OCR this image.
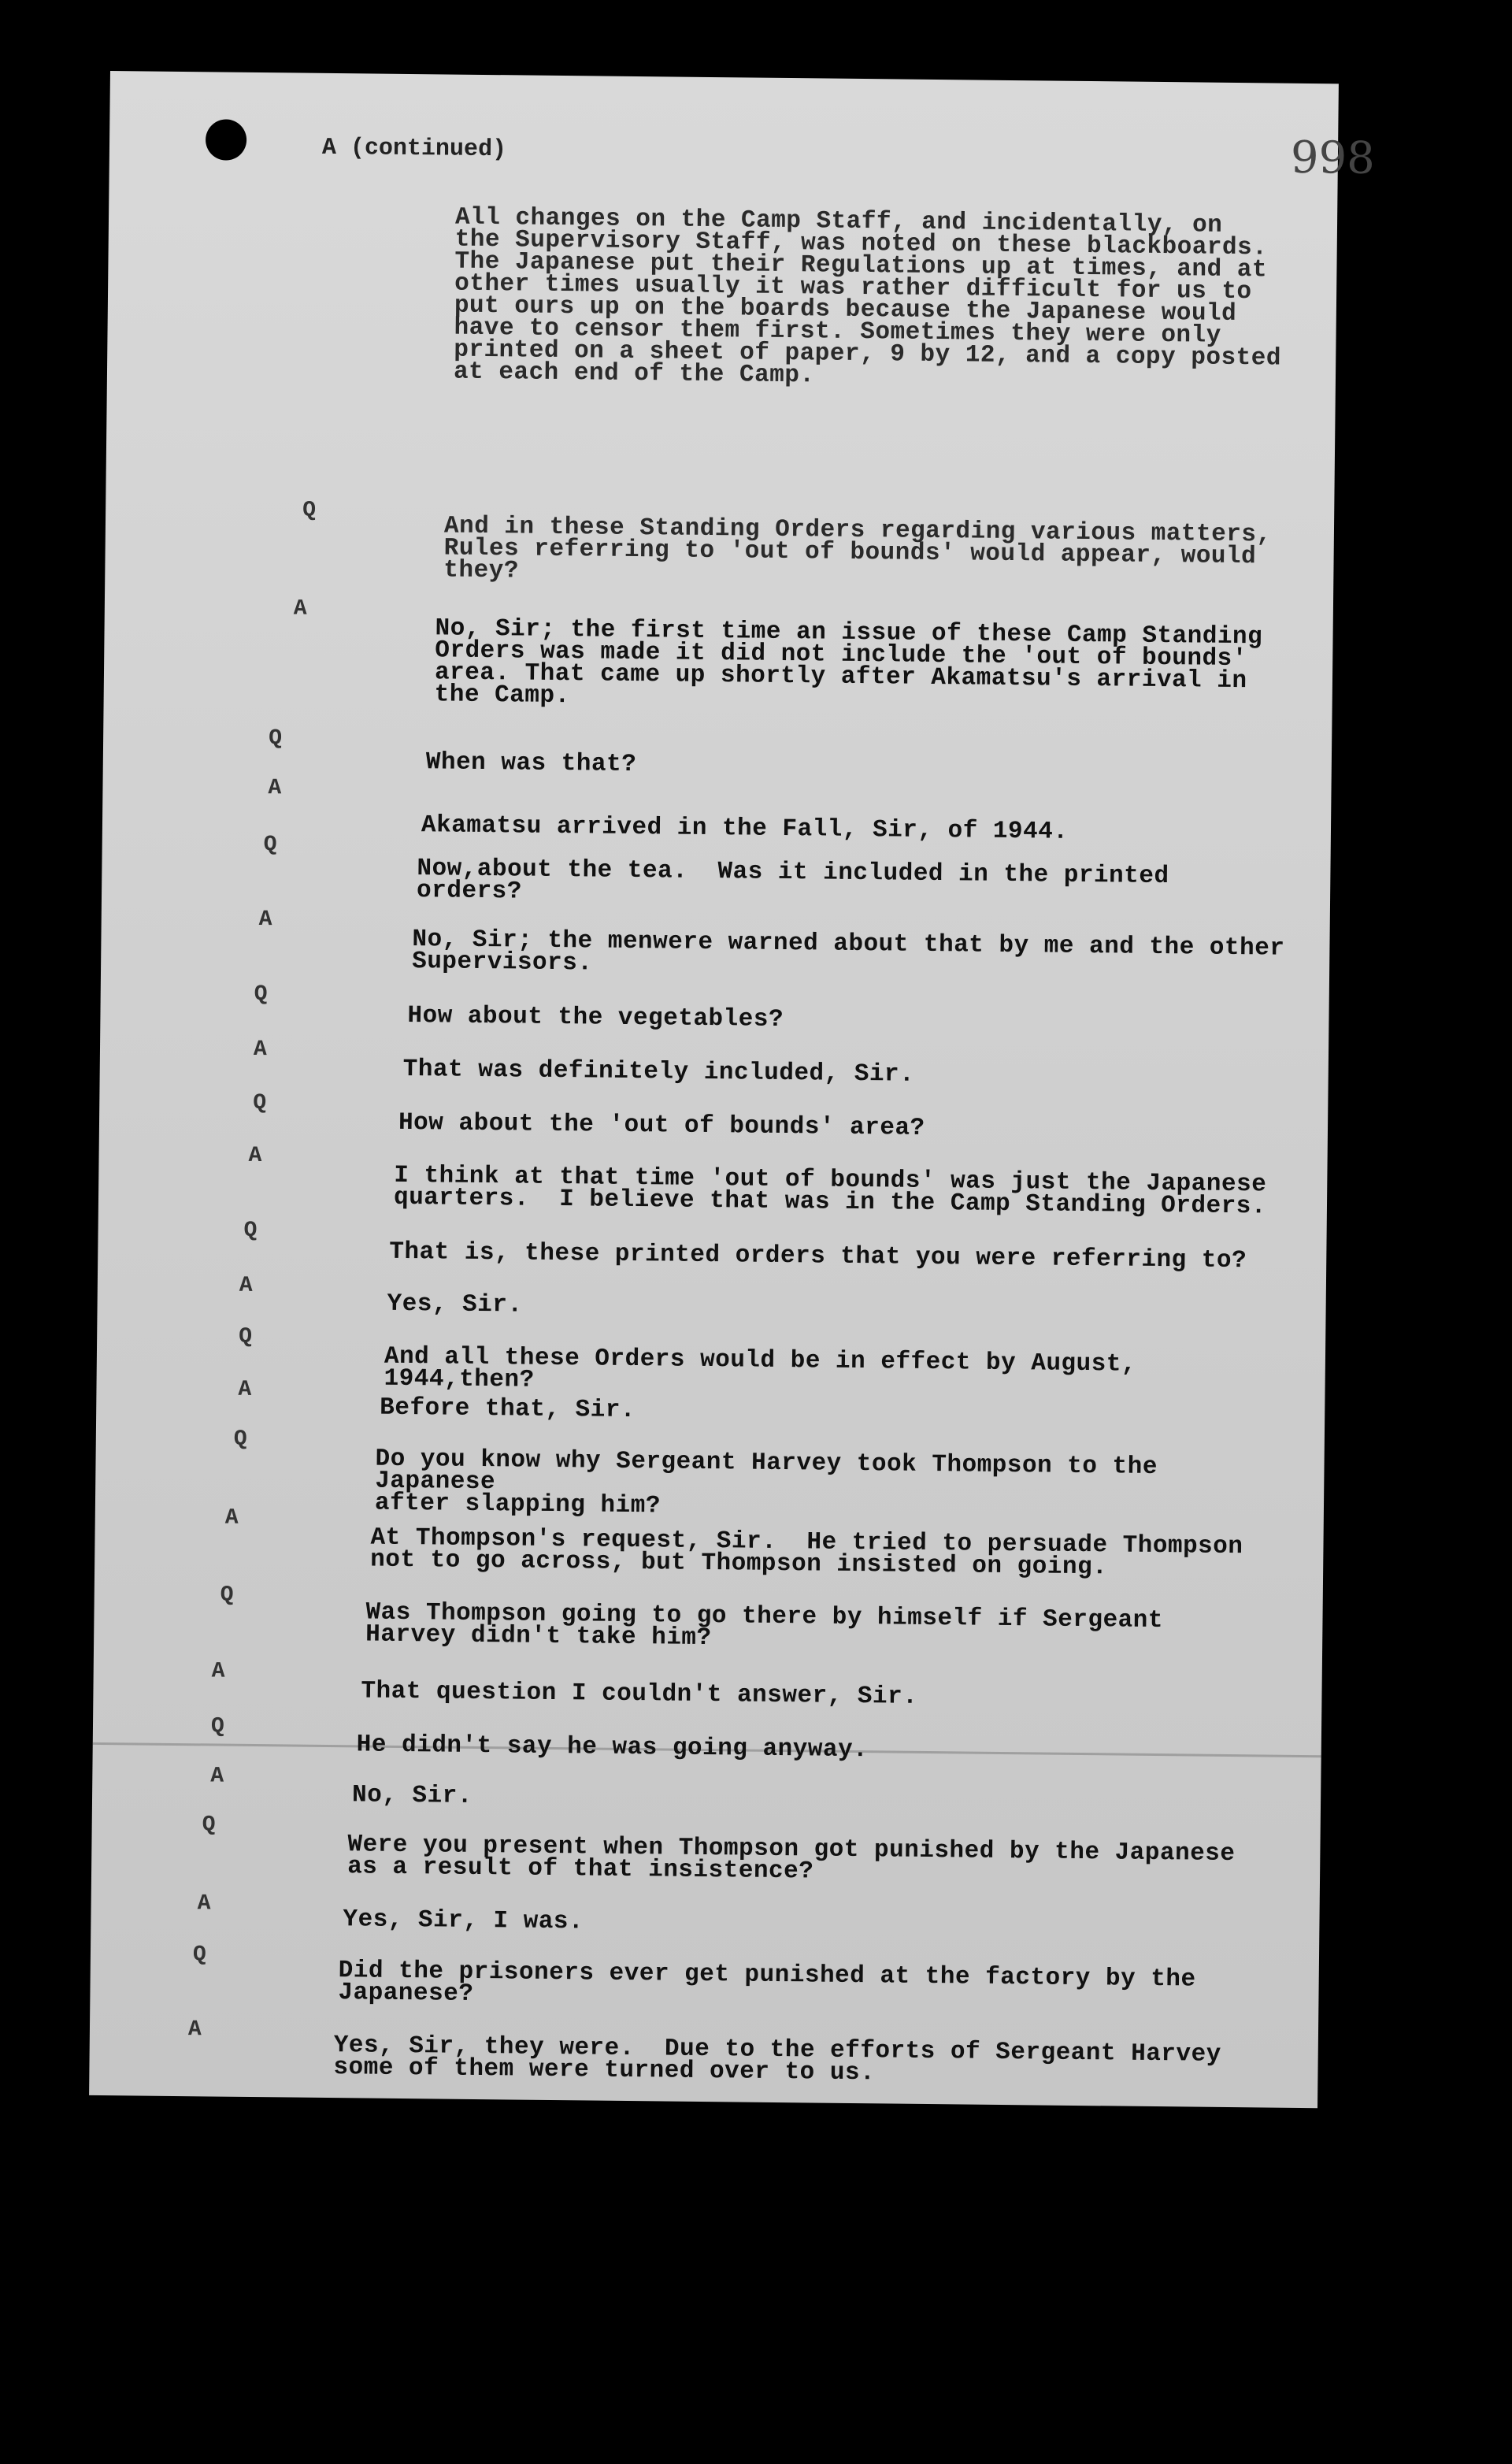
A (continued)	998
Q
A
Q
A
Q
A
Q
A
Q
A
Q
A
Q
A
Q
A
Q
A
Q
A
Q
A
Q
A
All changes on the Camp Staff, and incidentally, on
the Supervisory Staff, was noted on these blackboards.
The Japanese put their Regulations up at times, and at
other times usually it was rather difficult for us to
put ours up on the boards because the Japanese would
have to censor them first. Sometimes they were only
printed on a sheet of paper, 9 by 12, and a copy posted
at each end of the Camp.
And in these Standing Orders regarding various matters,
Rules referring to 'out of bounds' would appear, would
they?
No, Sir; the first time an issue of these Camp Standing
Orders was made it did not include the 'out of bounds'
area. That came up shortly after Akamatsu's arrival in
the Camp.
When was that?
Akamatsu arrived in the Fall, Sir, of 1944.
Now,about the tea.  Was it included in the printed
orders?
No, Sir; the menwere warned about that by me and the other
Supervisors.
How about the vegetables?
That was definitely included, Sir.
How about the 'out of bounds' area?
I think at that time 'out of bounds' was just the Japanese
quarters.  I believe that was in the Camp Standing Orders.
That is, these printed orders that you were referring to?
Yes, Sir.
And all these Orders would be in effect by August, 1944,then?
Before that, Sir.
Do you know why Sergeant Harvey took Thompson to the Japanese
after slapping him?
At Thompson's request, Sir.  He tried to persuade Thompson
not to go across, but Thompson insisted on going.
Was Thompson going to go there by himself if Sergeant
Harvey didn't take him?
That question I couldn't answer, Sir.
He didn't say he was going anyway.
No, Sir.
Were you present when Thompson got punished by the Japanese
as a result of that insistence?
Yes, Sir, I was.
Did the prisoners ever get punished at the factory by the
Japanese?
Yes, Sir, they were.  Due to the efforts of Sergeant Harvey
some of them were turned over to us.
